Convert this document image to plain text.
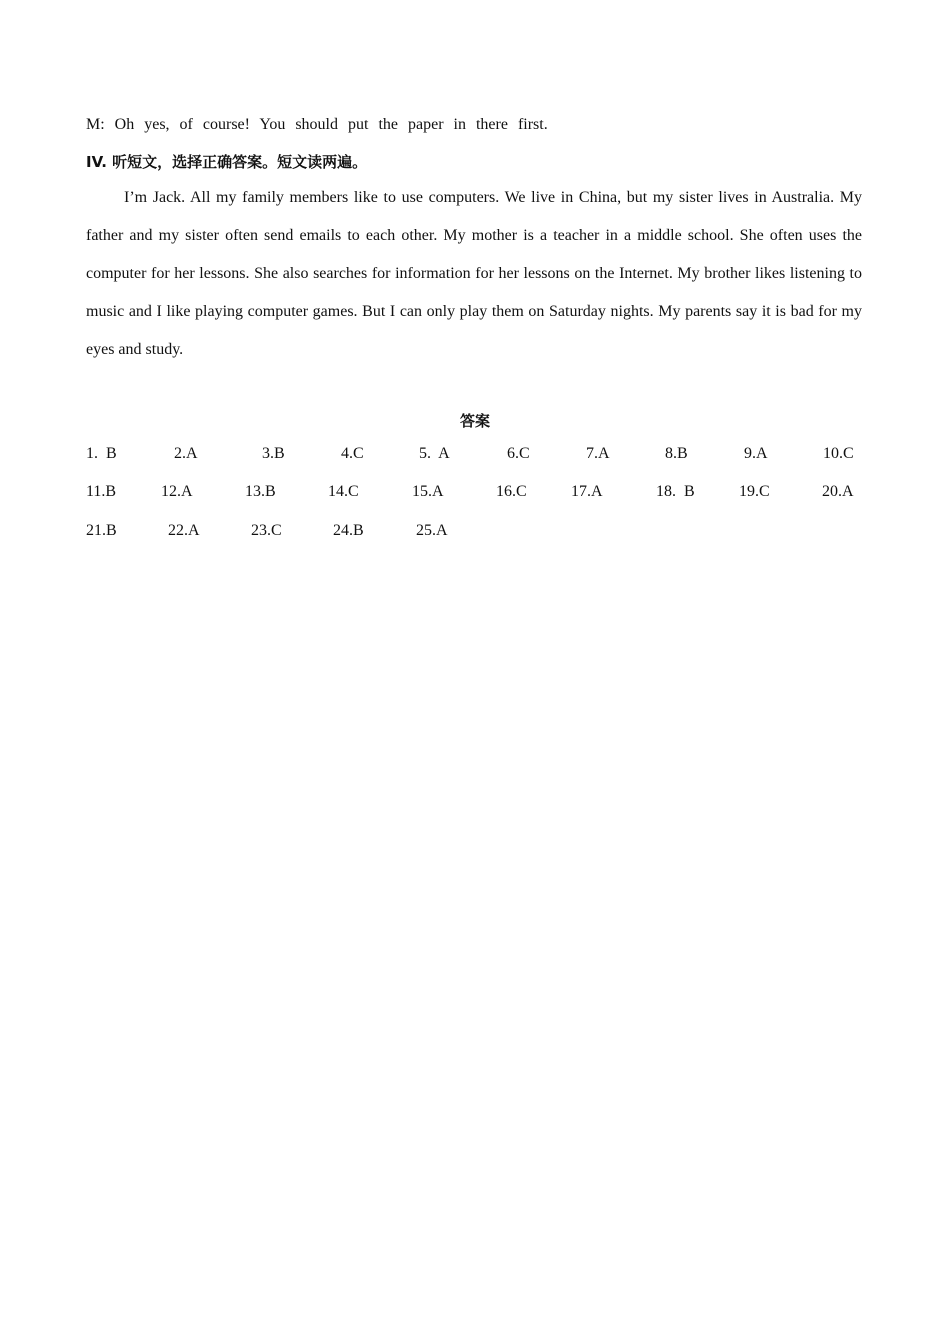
M: Oh yes, of course! You should put the paper in there first.
IV. 听短文，选择正确答案。短文读两遍。

I’m Jack. All my family members like to use computers. We live in China, but my sister lives in Australia. My father and my sister often send emails to each other. My mother is a teacher in a middle school. She often uses the computer for her lessons. She also searches for information for her lessons on the Internet. My brother likes listening to music and I like playing computer games. But I can only play them on Saturday nights. My parents say it is bad for my eyes and study.

答案
1.  B	2.A	3.B	4.C	5.  A	6.C	7.A	8.B	9.A	10.C
11.B	12.A	13.B	14.C	15.A	16.C	17.A	18.  B	19.C	20.A
21.B	22.A	23.C	24.B	25.A
